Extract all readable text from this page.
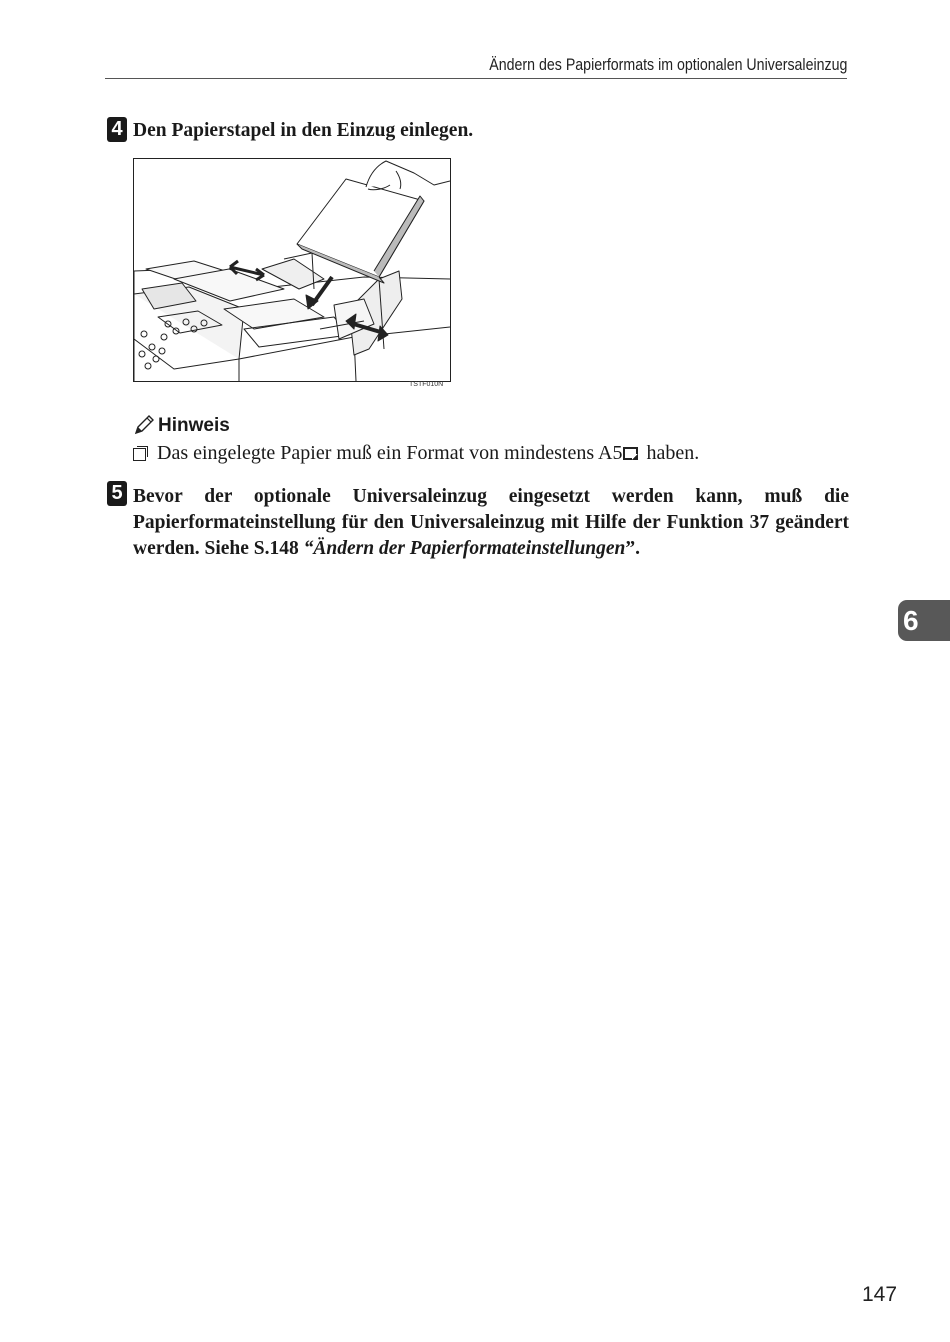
Ändern des Papierformats im optionalen Universaleinzug
4 Den Papierstapel in den Einzug einlegen.
TSTF010N
Hinweis
Das eingelegte Papier muß ein Format von mindestens A5 haben.
5 Bevor der optionale Universaleinzug eingesetzt werden kann, muß die Papierformateinstellung für den Universaleinzug mit Hilfe der Funktion 37 geändert werden. Siehe S.148 “Ändern der Papierformateinstellungen”.
6
147
